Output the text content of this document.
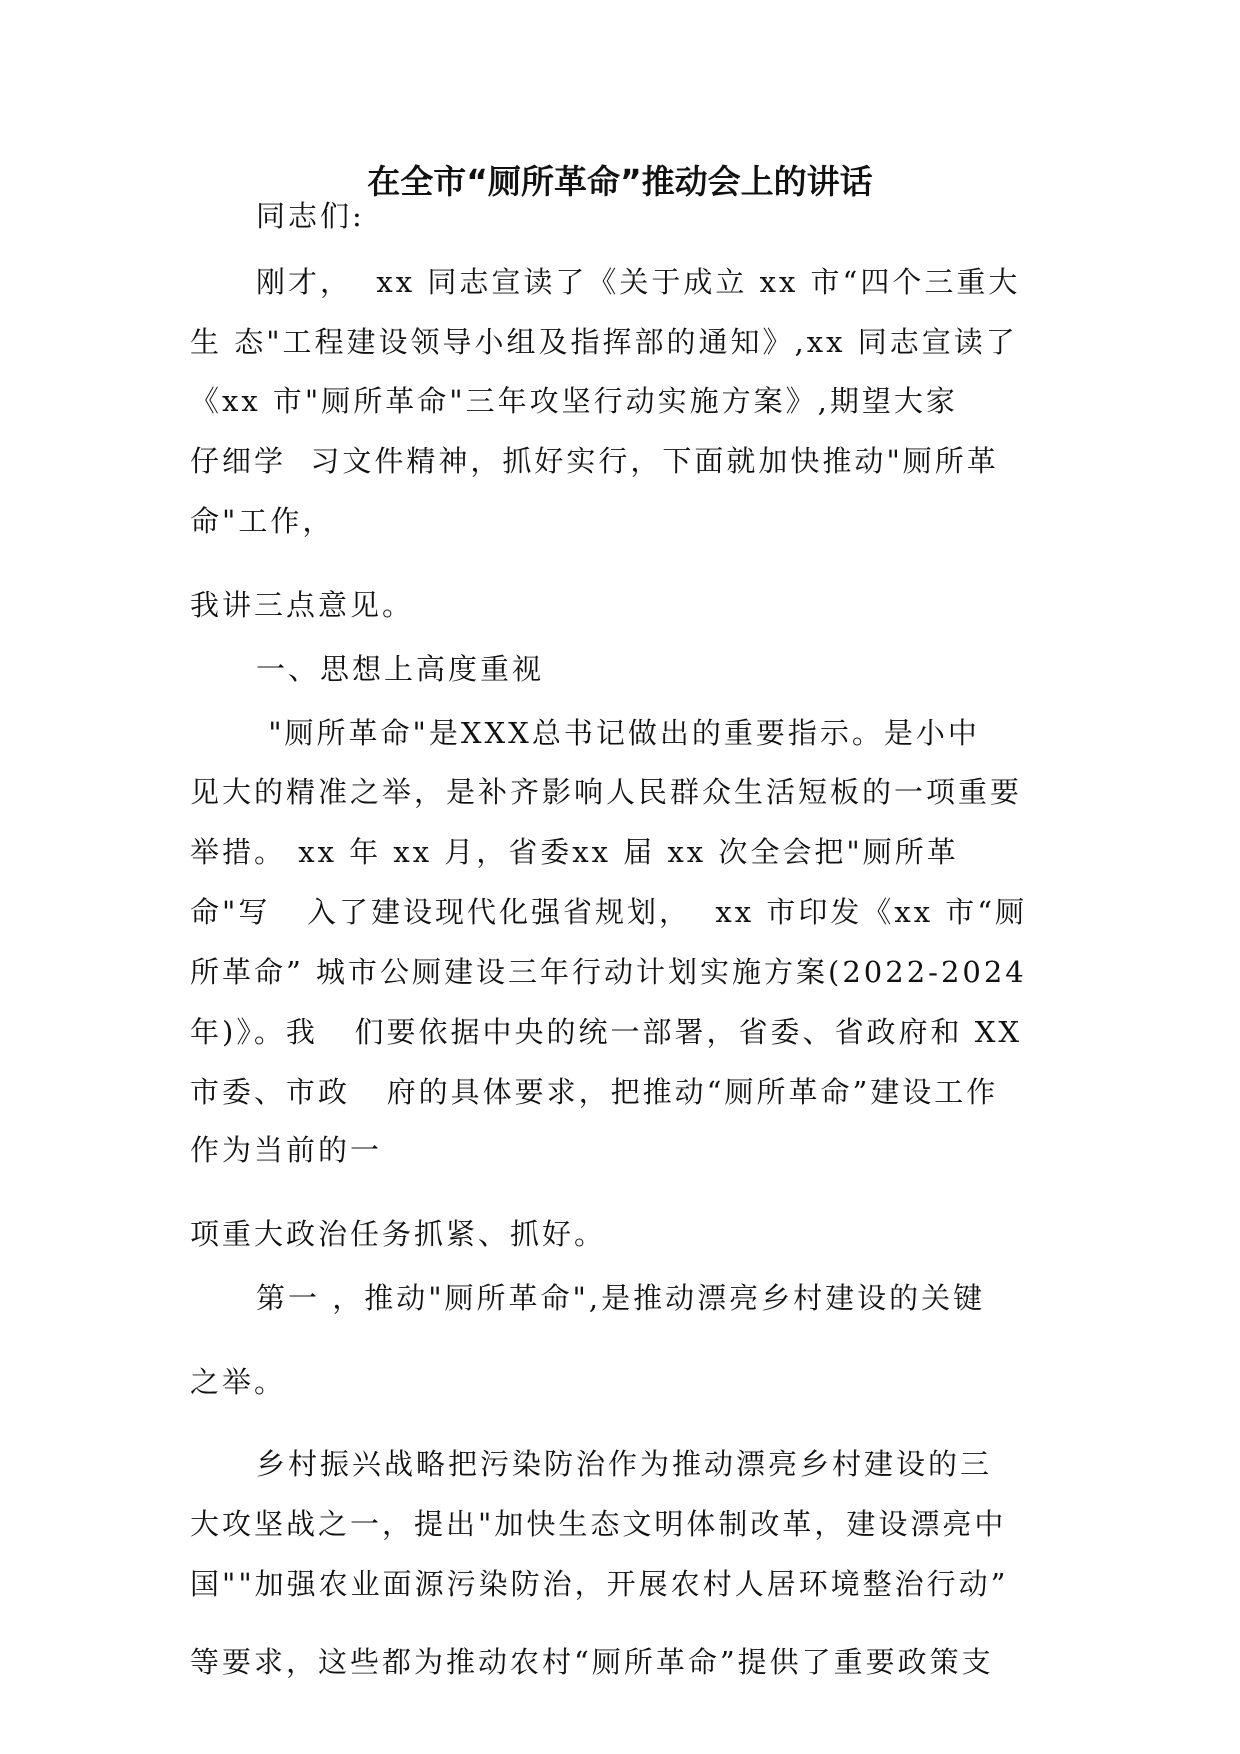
在全市“厕所革命”推动会上的讲话
同志们:
刚才，  xx 同志宣读了《关于成立 xx 市“四个三重大
生 态"工程建设领导小组及指挥部的通知》,xx 同志宣读了
《xx 市"厕所革命"三年攻坚行动实施方案》,期望大家
仔细学  习文件精神，抓好实行，下面就加快推动"厕所革
命"工作，
我讲三点意见。
一、思想上高度重视
"厕所革命"是XXX总书记做出的重要指示。是小中
见大的精准之举，是补齐影响人民群众生活短板的一项重要
举措。 xx 年 xx 月，省委xx 届 xx 次全会把"厕所革
命"写   入了建设现代化强省规划，  xx 市印发《xx 市“厕
所革命” 城市公厕建设三年行动计划实施方案(2022-2024
年)》。我   们要依据中央的统一部署，省委、省政府和 XX
市委、市政   府的具体要求，把推动“厕所革命”建设工作
作为当前的一
项重大政治任务抓紧、抓好。
第一 ，推动"厕所革命",是推动漂亮乡村建设的关键
之举。
乡村振兴战略把污染防治作为推动漂亮乡村建设的三
大攻坚战之一，提出"加快生态文明体制改革，建设漂亮中
国""加强农业面源污染防治，开展农村人居环境整治行动”
等要求，这些都为推动农村“厕所革命”提供了重要政策支
